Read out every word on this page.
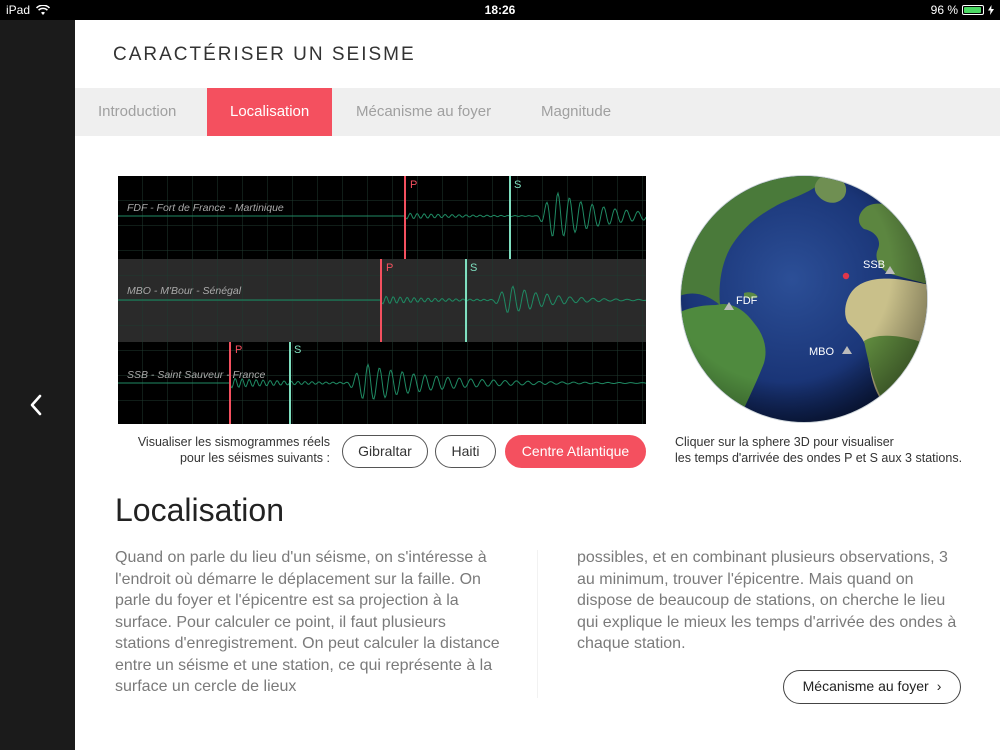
iPad	18:26	96 %
CARACTÉRISER UN SEISME
Introduction	Localisation	Mécanisme au foyer	Magnitude
P	S
P	S
P	S
FDF - Fort de France - Martinique
MBO - M'Bour - Sénégal
SSB - Saint Sauveur - France
Visualiser les sismogrammes réels
pour les séismes suivants :	Gibraltar	Haiti	Centre Atlantique
SSB
FDF
MBO
Cliquer sur la sphere 3D pour visualiser
les temps d'arrivée des ondes P et S aux 3 stations.
Localisation

Quand on parle du lieu d'un séisme, on s'intéresse à l'endroit où démarre le déplacement sur la faille. On parle du foyer et l'épicentre est sa projection à la surface. Pour calculer ce point, il faut plusieurs stations d'enregistrement. On peut calculer la distance entre un séisme et une station, ce qui représente à la surface un cercle de lieux

possibles, et en combinant plusieurs observations, 3 au minimum, trouver l'épicentre. Mais quand on dispose de beaucoup de stations, on cherche le lieu qui explique le mieux les temps d'arrivée des ondes à chaque station.

Mécanisme au foyer ›
